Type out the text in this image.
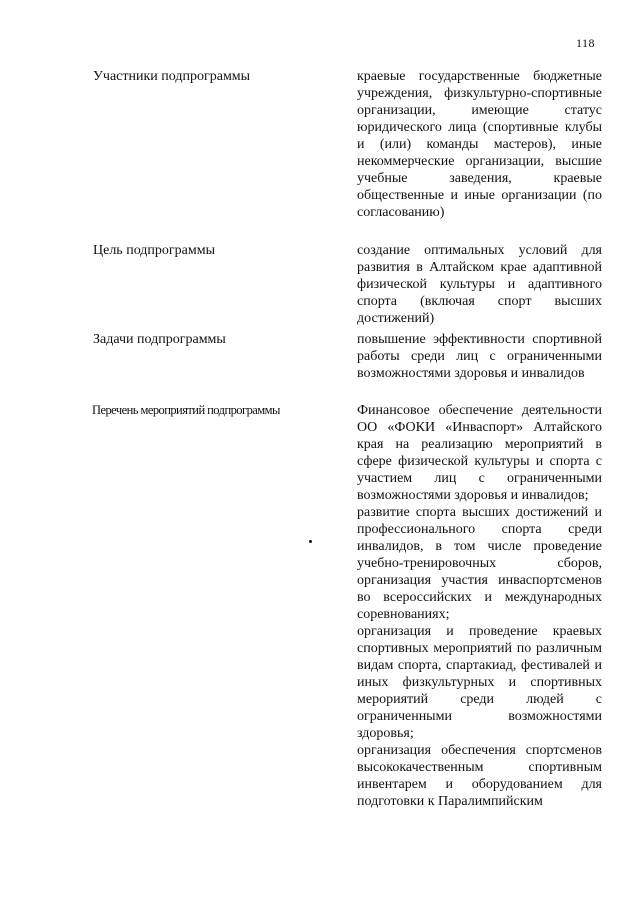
118
Участники подпрограммы	краевые государственные бюджетные учреждения, физкультурно-спортивные организации, имеющие статус юридического лица (спортивные клубы и (или) команды мастеров), иные некоммерческие организации, высшие учебные заведения, краевые общественные и иные организации (по согласованию)
Цель подпрограммы	создание оптимальных условий для развития в Алтайском крае адаптивной физической культуры и адаптивного спорта (включая спорт высших достижений)
Задачи подпрограммы	повышение эффективности спортивной работы среди лиц с ограниченными возможностями здоровья и инвалидов
Перечень мероприятий подпрограммы	Финансовое обеспечение деятельности ОО «ФОКИ «Инваспорт» Алтайского края на реализацию мероприятий в сфере физической культуры и спорта с участием лиц с ограниченными возможностями здоровья и инвалидов;
развитие спорта высших достижений и профессионального спорта среди инвалидов, в том числе проведение учебно-тренировочных сборов, организация участия инваспортсменов во всероссийских и международных соревнованиях;
организация и проведение краевых спортивных мероприятий по различным видам спорта, спартакиад, фестивалей и иных физкультурных и спортивных мерориятий среди людей с ограниченными возможностями здоровья;
организация обеспечения спортсменов высококачественным спортивным инвентарем и оборудованием для подготовки к Паралимпийским
